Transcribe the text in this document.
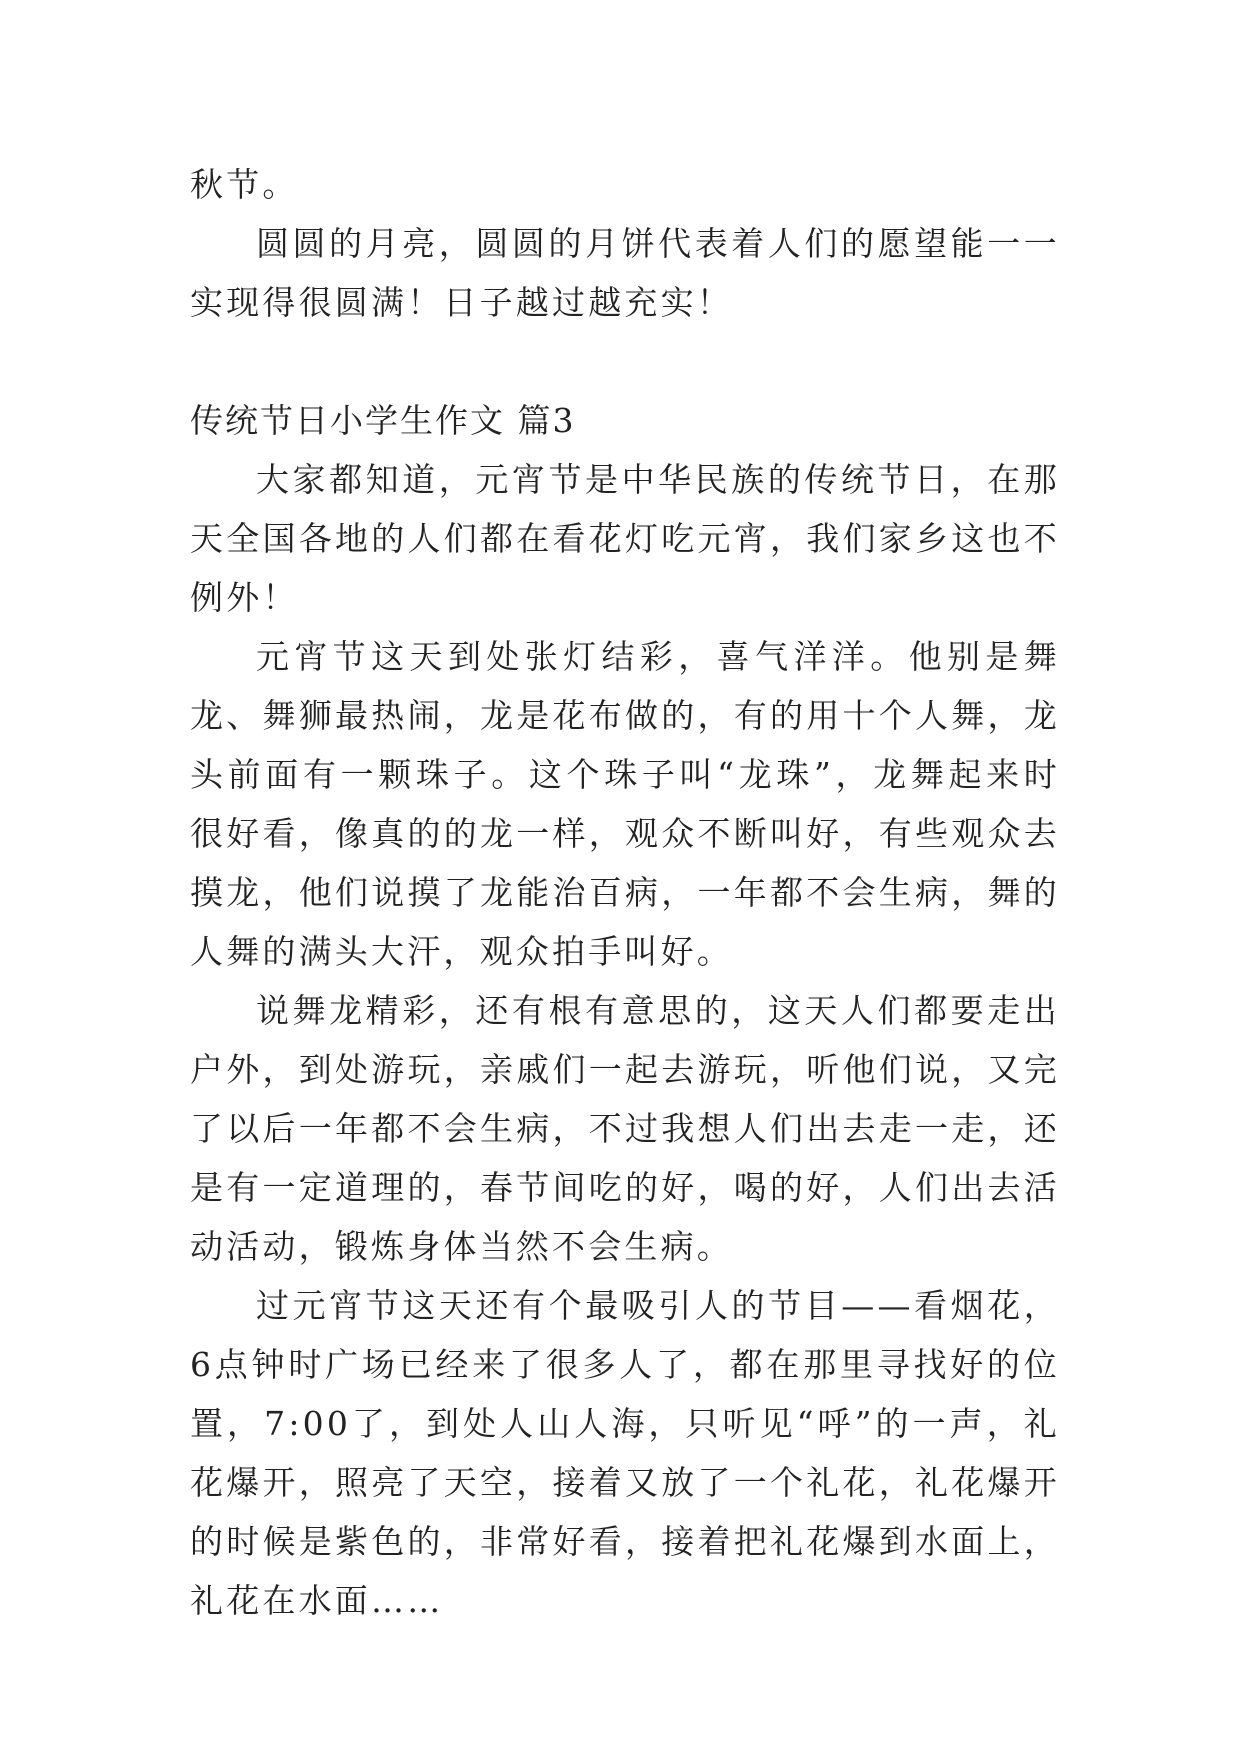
秋节。

圆圆的月亮，圆圆的月饼代表着人们的愿望能一一实现得很圆满！日子越过越充实！

传统节日小学生作文 篇3

大家都知道，元宵节是中华民族的传统节日，在那天全国各地的人们都在看花灯吃元宵，我们家乡这也不例外！

元宵节这天到处张灯结彩，喜气洋洋。他别是舞龙、舞狮最热闹，龙是花布做的，有的用十个人舞，龙头前面有一颗珠子。这个珠子叫“龙珠”，龙舞起来时很好看，像真的的龙一样，观众不断叫好，有些观众去摸龙，他们说摸了龙能治百病，一年都不会生病，舞的人舞的满头大汗，观众拍手叫好。

说舞龙精彩，还有根有意思的，这天人们都要走出户外，到处游玩，亲戚们一起去游玩，听他们说，又完了以后一年都不会生病，不过我想人们出去走一走，还是有一定道理的，春节间吃的好，喝的好，人们出去活动活动，锻炼身体当然不会生病。

过元宵节这天还有个最吸引人的节目——看烟花，6点钟时广场已经来了很多人了，都在那里寻找好的位置，7:00了，到处人山人海，只听见“呼”的一声，礼花爆开，照亮了天空，接着又放了一个礼花，礼花爆开的时候是紫色的，非常好看，接着把礼花爆到水面上，礼花在水面……
